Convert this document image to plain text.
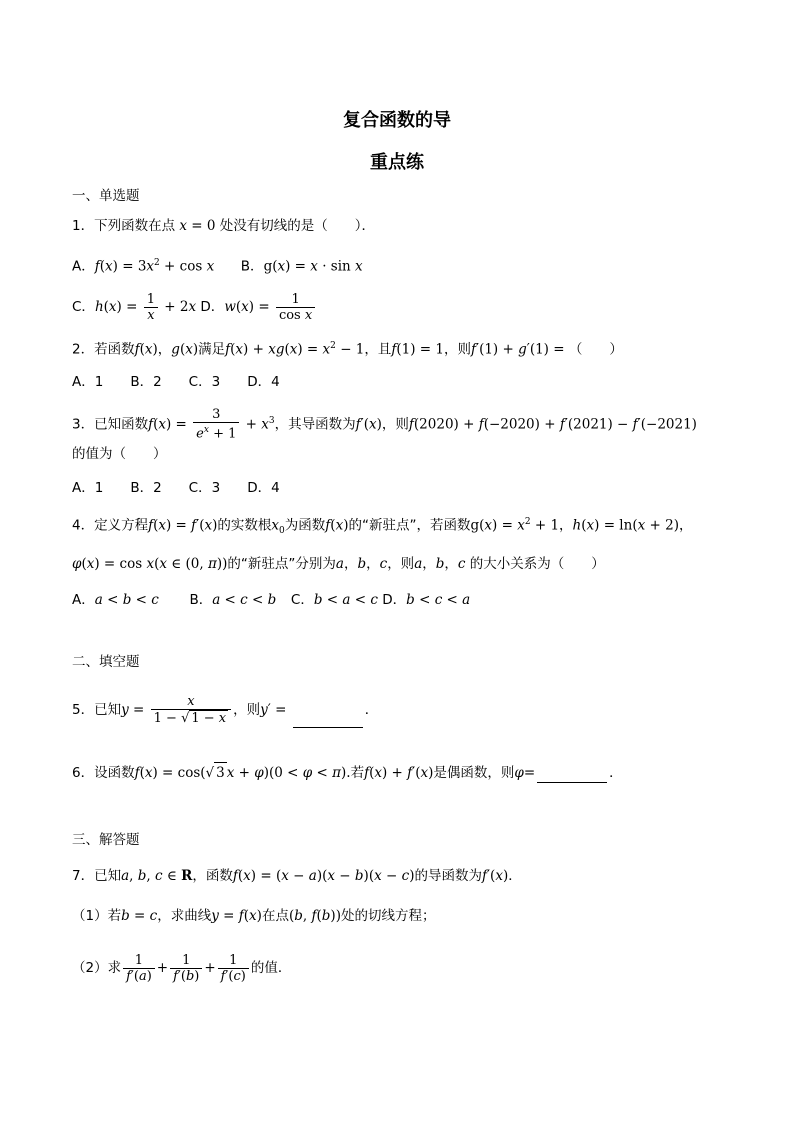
复合函数的导
重点练
一、单选题
1．下列函数在点 x = 0 处没有切线的是（　　）．
A．$f(x) = 3x^2 + \cos x$ B．g(x) = x · sin x
C．$h(x) = \frac{1}{x} + 2x$ D．$w(x) = \frac{1}{\text{cos x}}$
2．若函数f(x)，g(x)满足$f(x) + xg(x) = x^2 - 1$，且f(1) = 1，则f′(1) + g′(1) = （　　）
A．1　　B．2　　C．3　　D．4
3．已知函数$f(x) = \frac{3}{e^x + 1} + x^3$，其导函数为f′(x)，则f(2020) + f(−2020) + f′(2021) − f′(−2021)
的值为（　　）
A．1　　B．2　　C．3　　D．4
4．定义方程f(x) = f′(x)的实数根$x_0$为函数f(x)的“新驻点”，若函数$g(x) = x^2 + 1$，h(x) = ln(x + 2)，
φ(x) = cos x(x ∈ (0, π))的“新驻点”分别为a，b，c，则a，b，c 的大小关系为（　　）
A．a < b < c B．a < c < b C．b < a < c D．b < c < a
二、填空题
5．已知$y = \frac{x}{1 - √ 1 - x}$ ，则y′ =	．
6．设函数f(x) = cos(√ 3 x + φ)(0 < φ < π).若f(x) + f′(x)是偶函数，则φ=	．
三、解答题
7．已知a, b, c ∈ R，函数f(x) = (x − a)(x − b)(x − c)的导函数为f′(x)．
（1）若b = c，求曲线y = f(x)在点(b, f(b))处的切线方程；
（2）求 $\frac{1}{f'(a)} + \frac{1}{f'(b)} + \frac{1}{f'(c)}$ 的值．
